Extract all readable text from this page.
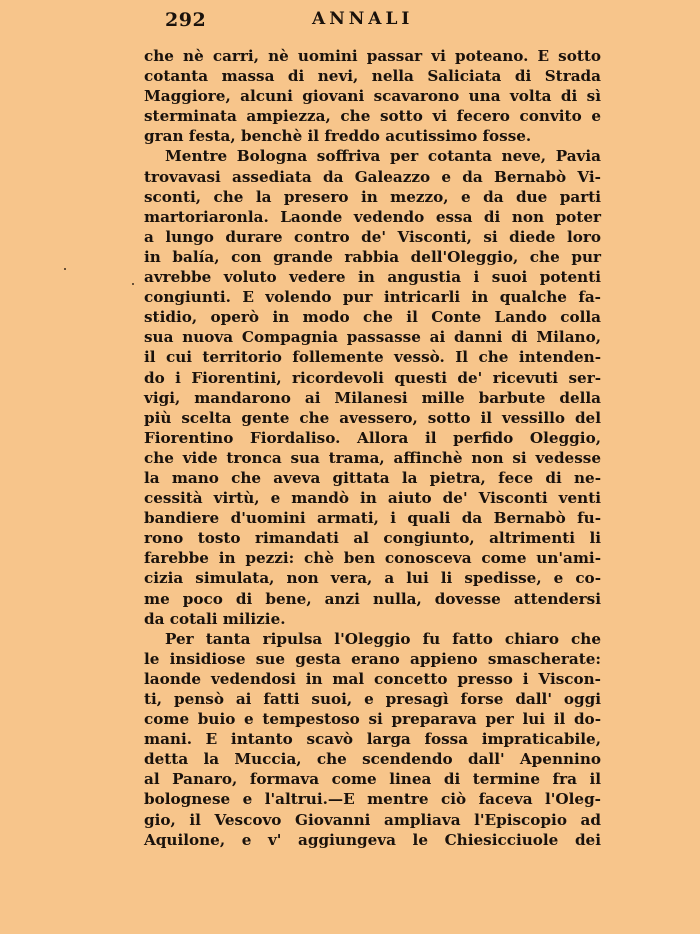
292	ANNALI
che nè carri, nè uomini passar vi poteano. E sotto
cotanta massa di nevi, nella Saliciata di Strada
Maggiore, alcuni giovani scavarono una volta di sì
sterminata ampiezza, che sotto vi fecero convito e
gran festa, benchè il freddo acutissimo fosse.
Mentre Bologna soffriva per cotanta neve, Pavia
trovavasi assediata da Galeazzo e da Bernabò Vi-
sconti, che la presero in mezzo, e da due parti
martoriaronla. Laonde vedendo essa di non poter
a lungo durare contro de' Visconti, si diede loro
in balía, con grande rabbia dell'Oleggio, che pur
avrebbe voluto vedere in angustia i suoi potenti
congiunti. E volendo pur intricarli in qualche fa-
stidio, operò in modo che il Conte Lando colla
sua nuova Compagnia passasse ai danni di Milano,
il cui territorio follemente vessò. Il che intenden-
do i Fiorentini, ricordevoli questi de' ricevuti ser-
vigi, mandarono ai Milanesi mille barbute della
più scelta gente che avessero, sotto il vessillo del
Fiorentino Fiordaliso. Allora il perfido Oleggio,
che vide tronca sua trama, affinchè non si vedesse
la mano che aveva gittata la pietra, fece di ne-
cessità virtù, e mandò in aiuto de' Visconti venti
bandiere d'uomini armati, i quali da Bernabò fu-
rono tosto rimandati al congiunto, altrimenti li
farebbe in pezzi: chè ben conosceva come un'ami-
cizia simulata, non vera, a lui li spedisse, e co-
me poco di bene, anzi nulla, dovesse attendersi
da cotali milizie.
Per tanta ripulsa l'Oleggio fu fatto chiaro che
le insidiose sue gesta erano appieno smascherate:
laonde vedendosi in mal concetto presso i Viscon-
ti, pensò ai fatti suoi, e presagì forse dall' oggi
come buio e tempestoso si preparava per lui il do-
mani. E intanto scavò larga fossa impraticabile,
detta la Muccia, che scendendo dall' Apennino
al Panaro, formava come linea di termine fra il
bolognese e l'altrui.—E mentre ciò faceva l'Oleg-
gio, il Vescovo Giovanni ampliava l'Episcopio ad
Aquilone, e v' aggiungeva le Chiesicciuole dei
